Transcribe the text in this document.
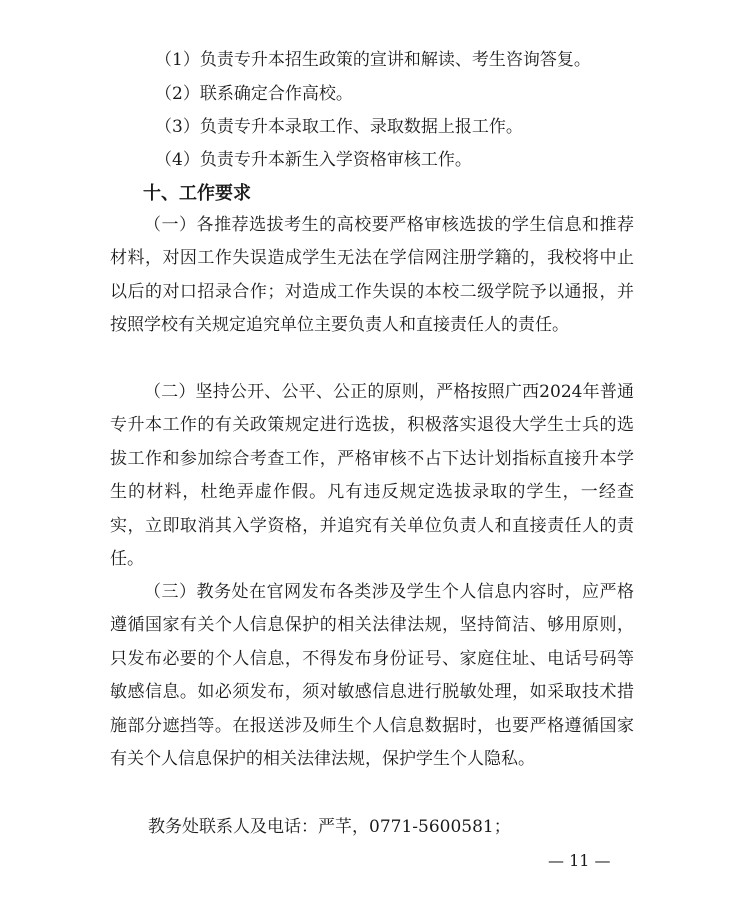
（1）负责专升本招生政策的宣讲和解读、考生咨询答复。
（2）联系确定合作高校。
（3）负责专升本录取工作、录取数据上报工作。
（4）负责专升本新生入学资格审核工作。
十、工作要求

（一）各推荐选拔考生的高校要严格审核选拔的学生信息和推荐材料，对因工作失误造成学生无法在学信网注册学籍的，我校将中止以后的对口招录合作；对造成工作失误的本校二级学院予以通报，并按照学校有关规定追究单位主要负责人和直接责任人的责任。

（二）坚持公开、公平、公正的原则，严格按照广西2024年普通专升本工作的有关政策规定进行选拔，积极落实退役大学生士兵的选拔工作和参加综合考查工作，严格审核不占下达计划指标直接升本学生的材料，杜绝弄虚作假。凡有违反规定选拔录取的学生，一经查实，立即取消其入学资格，并追究有关单位负责人和直接责任人的责任。

（三）教务处在官网发布各类涉及学生个人信息内容时，应严格遵循国家有关个人信息保护的相关法律法规，坚持简洁、够用原则，只发布必要的个人信息，不得发布身份证号、家庭住址、电话号码等敏感信息。如必须发布，须对敏感信息进行脱敏处理，如采取技术措施部分遮挡等。在报送涉及师生个人信息数据时，也要严格遵循国家有关个人信息保护的相关法律法规，保护学生个人隐私。

教务处联系人及电话：严芊，0771-5600581；
— 11 —
